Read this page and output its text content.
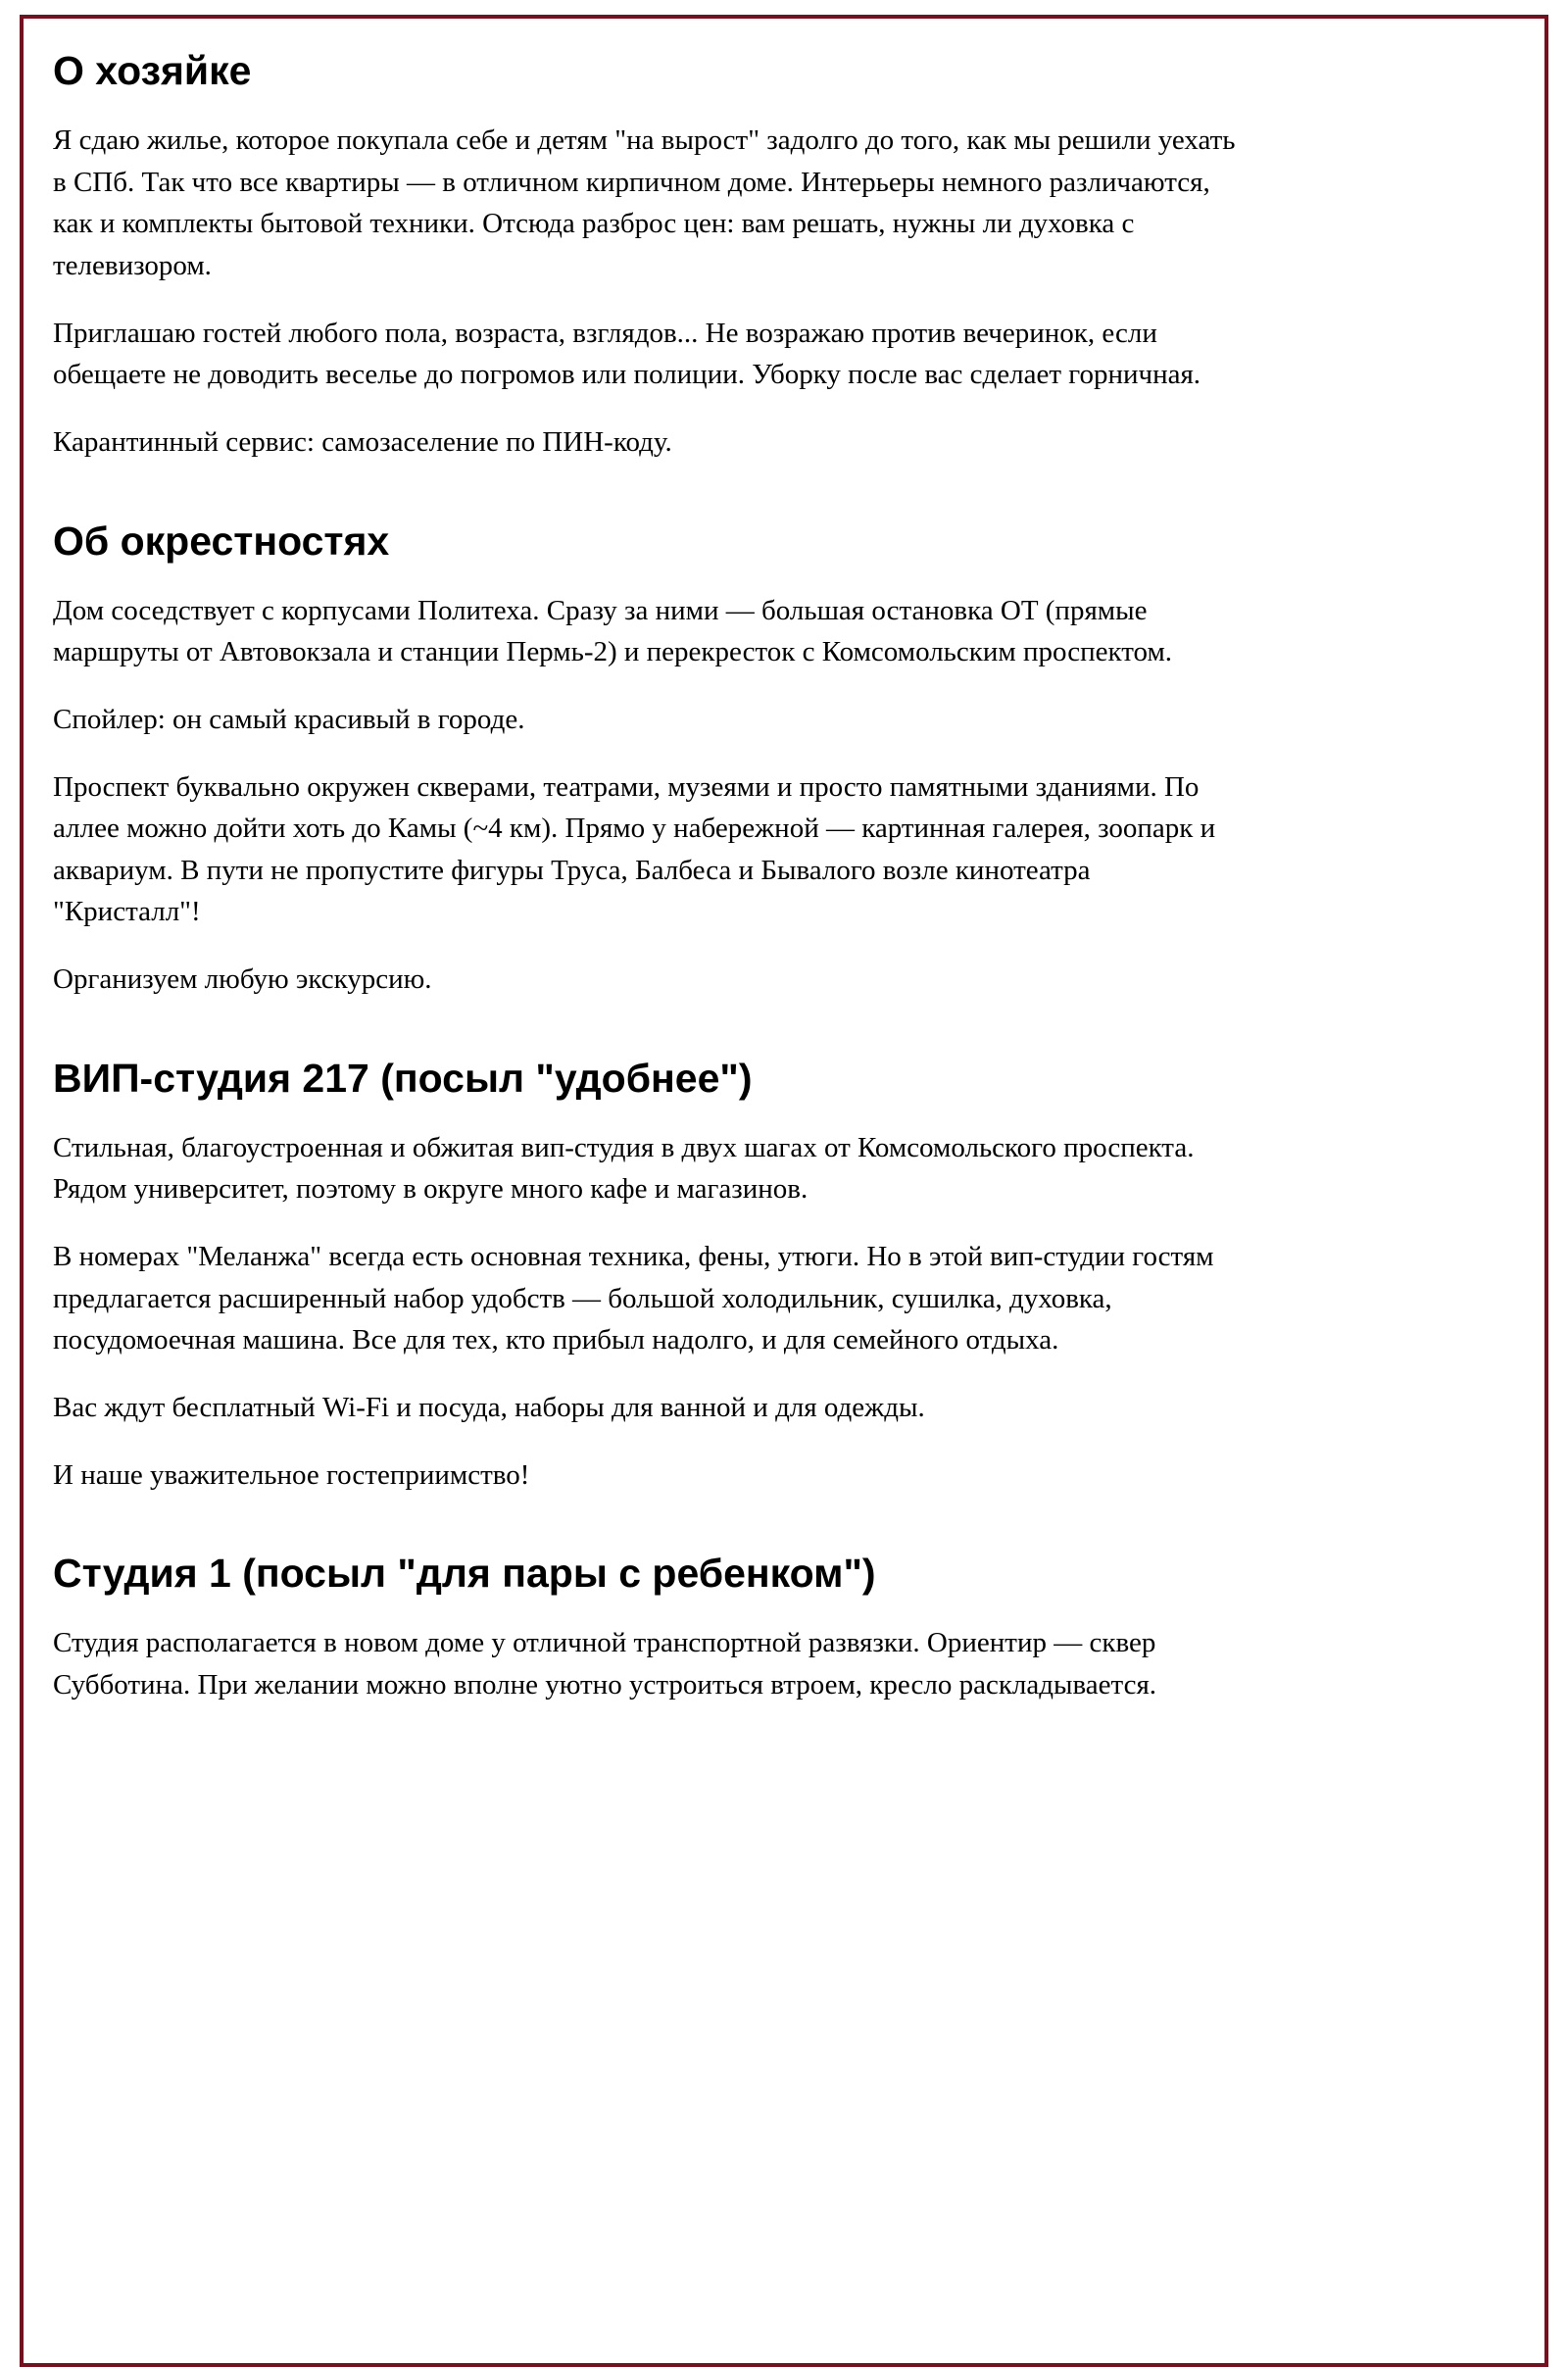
О хозяйке

Я сдаю жилье, которое покупала себе и детям "на вырост" задолго до того, как мы решили уехать в СПб. Так что все квартиры — в отличном кирпичном доме. Интерьеры немного различаются, как и комплекты бытовой техники. Отсюда разброс цен: вам решать, нужны ли духовка с телевизором.

Приглашаю гостей любого пола, возраста, взглядов... Не возражаю против вечеринок, если обещаете не доводить веселье до погромов или полиции. Уборку после вас сделает горничная.

Карантинный сервис: самозаселение по ПИН-коду.

Об окрестностях

Дом соседствует с корпусами Политеха. Сразу за ними — большая остановка ОТ (прямые маршруты от Автовокзала и станции Пермь-2) и перекресток с Комсомольским проспектом.

Спойлер: он самый красивый в городе.

Проспект буквально окружен скверами, театрами, музеями и просто памятными зданиями. По аллее можно дойти хоть до Камы (~4 км). Прямо у набережной — картинная галерея, зоопарк и аквариум. В пути не пропустите фигуры Труса, Балбеса и Бывалого возле кинотеатра "Кристалл"!

Организуем любую экскурсию.

ВИП-студия 217 (посыл "удобнее")

Стильная, благоустроенная и обжитая вип-студия в двух шагах от Комсомольского проспекта. Рядом университет, поэтому в округе много кафе и магазинов.

В номерах "Меланжа" всегда есть основная техника, фены, утюги. Но в этой вип-студии гостям предлагается расширенный набор удобств — большой холодильник, сушилка, духовка, посудомоечная машина. Все для тех, кто прибыл надолго, и для семейного отдыха.

Вас ждут бесплатный Wi-Fi и посуда, наборы для ванной и для одежды.

И наше уважительное гостеприимство!

Студия 1 (посыл "для пары с ребенком")

Студия располагается в новом доме у отличной транспортной развязки. Ориентир — сквер Субботина. При желании можно вполне уютно устроиться втроем, кресло раскладывается.
